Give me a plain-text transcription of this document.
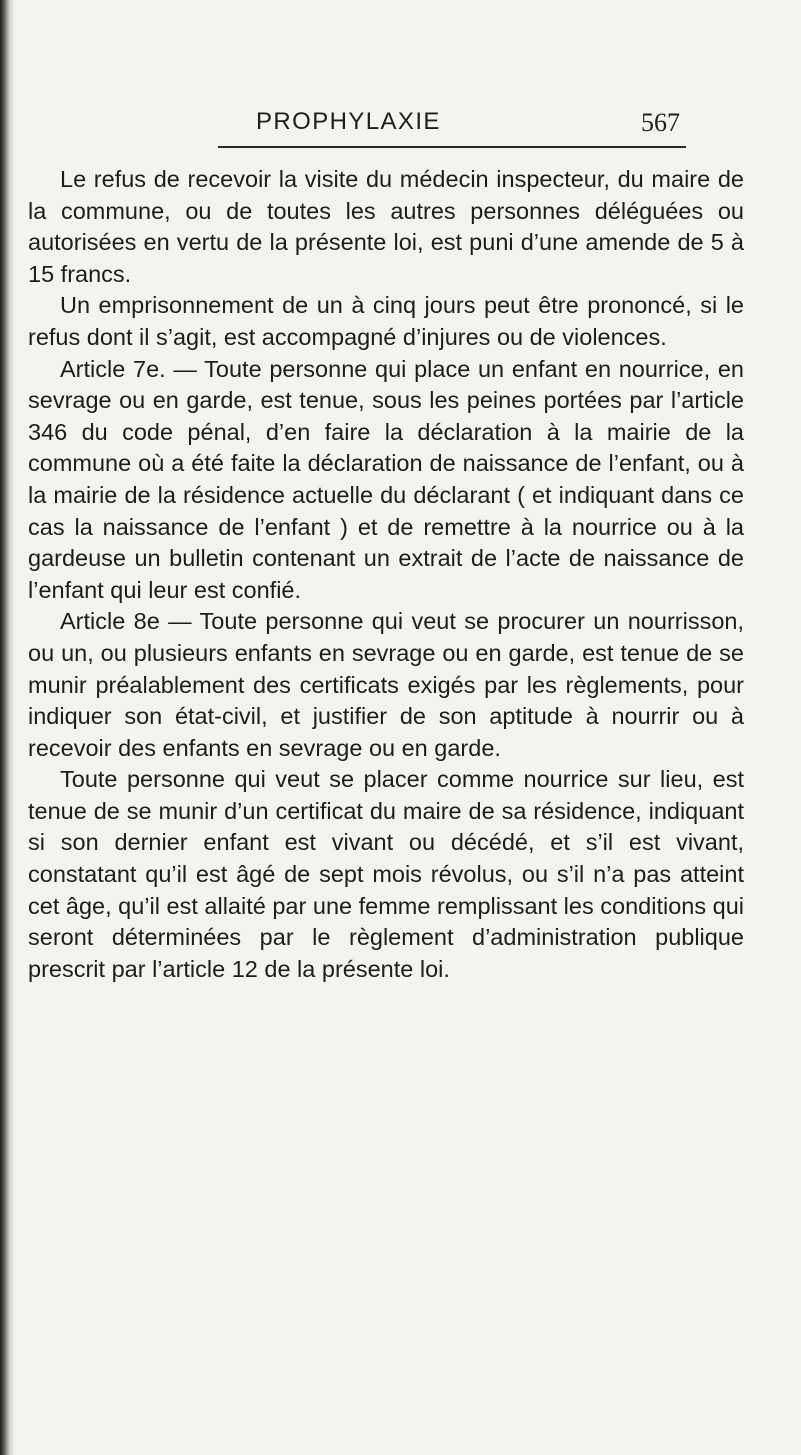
PROPHYLAXIE	567

Le refus de recevoir la visite du médecin inspecteur, du maire de la commune, ou de toutes les autres personnes déléguées ou autorisées en vertu de la présente loi, est puni d’une amende de 5 à 15 francs.

Un emprisonnement de un à cinq jours peut être prononcé, si le refus dont il s’agit, est accompagné d’injures ou de violences.

Article 7e. — Toute personne qui place un enfant en nourrice, en sevrage ou en garde, est tenue, sous les peines portées par l’article 346 du code pénal, d’en faire la déclaration à la mairie de la commune où a été faite la déclaration de naissance de l’enfant, ou à la mairie de la résidence actuelle du déclarant ( et indiquant dans ce cas la naissance de l’enfant ) et de remettre à la nourrice ou à la gardeuse un bulletin contenant un extrait de l’acte de naissance de l’enfant qui leur est confié.

Article 8e — Toute personne qui veut se procurer un nourrisson, ou un, ou plusieurs enfants en sevrage ou en garde, est tenue de se munir préalablement des certificats exigés par les règlements, pour indiquer son état-civil, et justifier de son aptitude à nourrir ou à recevoir des enfants en sevrage ou en garde.

Toute personne qui veut se placer comme nourrice sur lieu, est tenue de se munir d’un certificat du maire de sa résidence, indiquant si son dernier enfant est vivant ou décédé, et s’il est vivant, constatant qu’il est âgé de sept mois révolus, ou s’il n’a pas atteint cet âge, qu’il est allaité par une femme remplissant les conditions qui seront déterminées par le règlement d’administration publique prescrit par l’article 12 de la présente loi.
